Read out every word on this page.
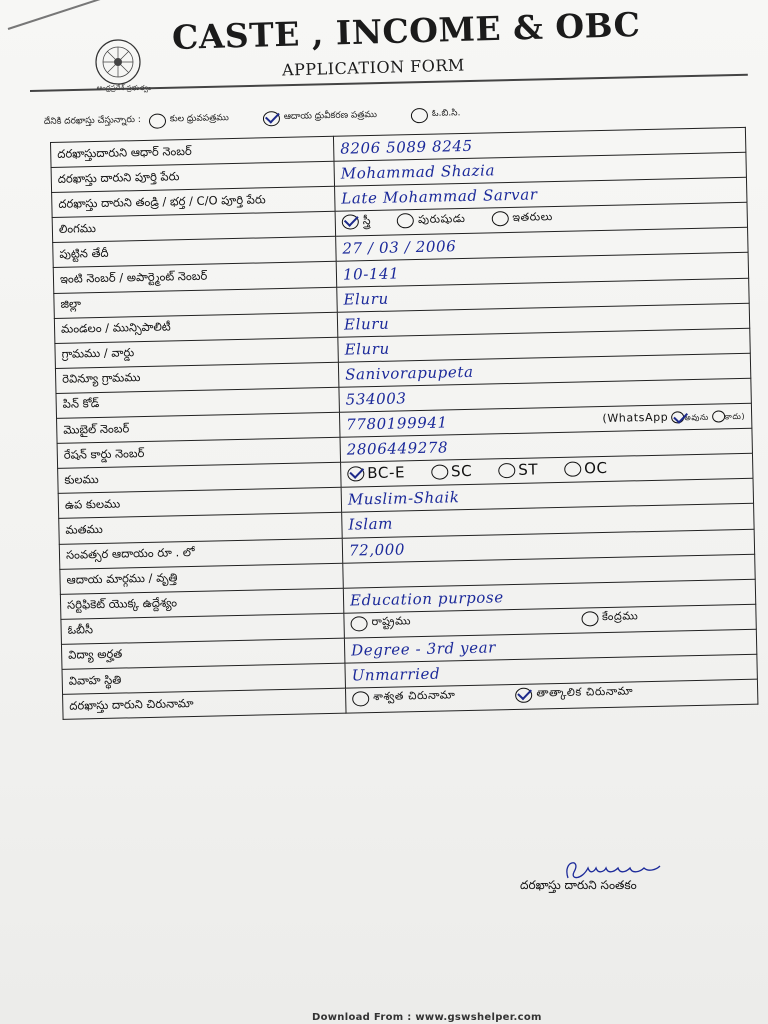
CASTE , INCOME & OBC
APPLICATION FORM
దేనికి దరఖాస్తు చేస్తున్నారు :	కుల ధ్రువపత్రము	ఆదాయ ధ్రువీకరణ పత్రము	ఓ.బి.సి.
దరఖాస్తుదారుని ఆధార్ నెంబర్	8206 5089 8245
దరఖాస్తు దారుని పూర్తి పేరు	Mohammad Shazia
దరఖాస్తు దారుని తండ్రి / భర్త / C/O పూర్తి పేరు	Late Mohammad Sarvar
లింగము	స్త్రీ పురుషుడు ఇతరులు

పుట్టిన తేదీ	27 / 03 / 2006
ఇంటి నెంబర్ / అపార్ట్మెంట్ నెంబర్	10-141
జిల్లా	Eluru
మండలం / మున్సిపాలిటీ	Eluru
గ్రామము / వార్డు	Eluru
రెవిన్యూ గ్రామము	Sanivorapupeta
పిన్ కోడ్	534003
మొబైల్ నెంబర్	7780199941 (WhatsApp అవును కాదు)

రేషన్ కార్డు నెంబర్	2806449278
కులము	BC-E SC ST OC

ఉప కులము	Muslim-Shaik
మతము	Islam
సంవత్సర ఆదాయం రూ . లో	72,000
ఆదాయ మార్గము / వృత్తి	
సర్టిఫికెట్ యొక్క ఉద్దేశ్యం	Education purpose
ఓబీసీ	రాష్ట్రము కేంద్రము

విద్యా అర్హత	Degree - 3rd year
వివాహ స్థితి	Unmarried
దరఖాస్తు దారుని చిరునామా	శాశ్వత చిరునామా తాత్కాలిక చిరునామా
దరఖాస్తు దారుని సంతకం
Download From : www.gswshelper.com
